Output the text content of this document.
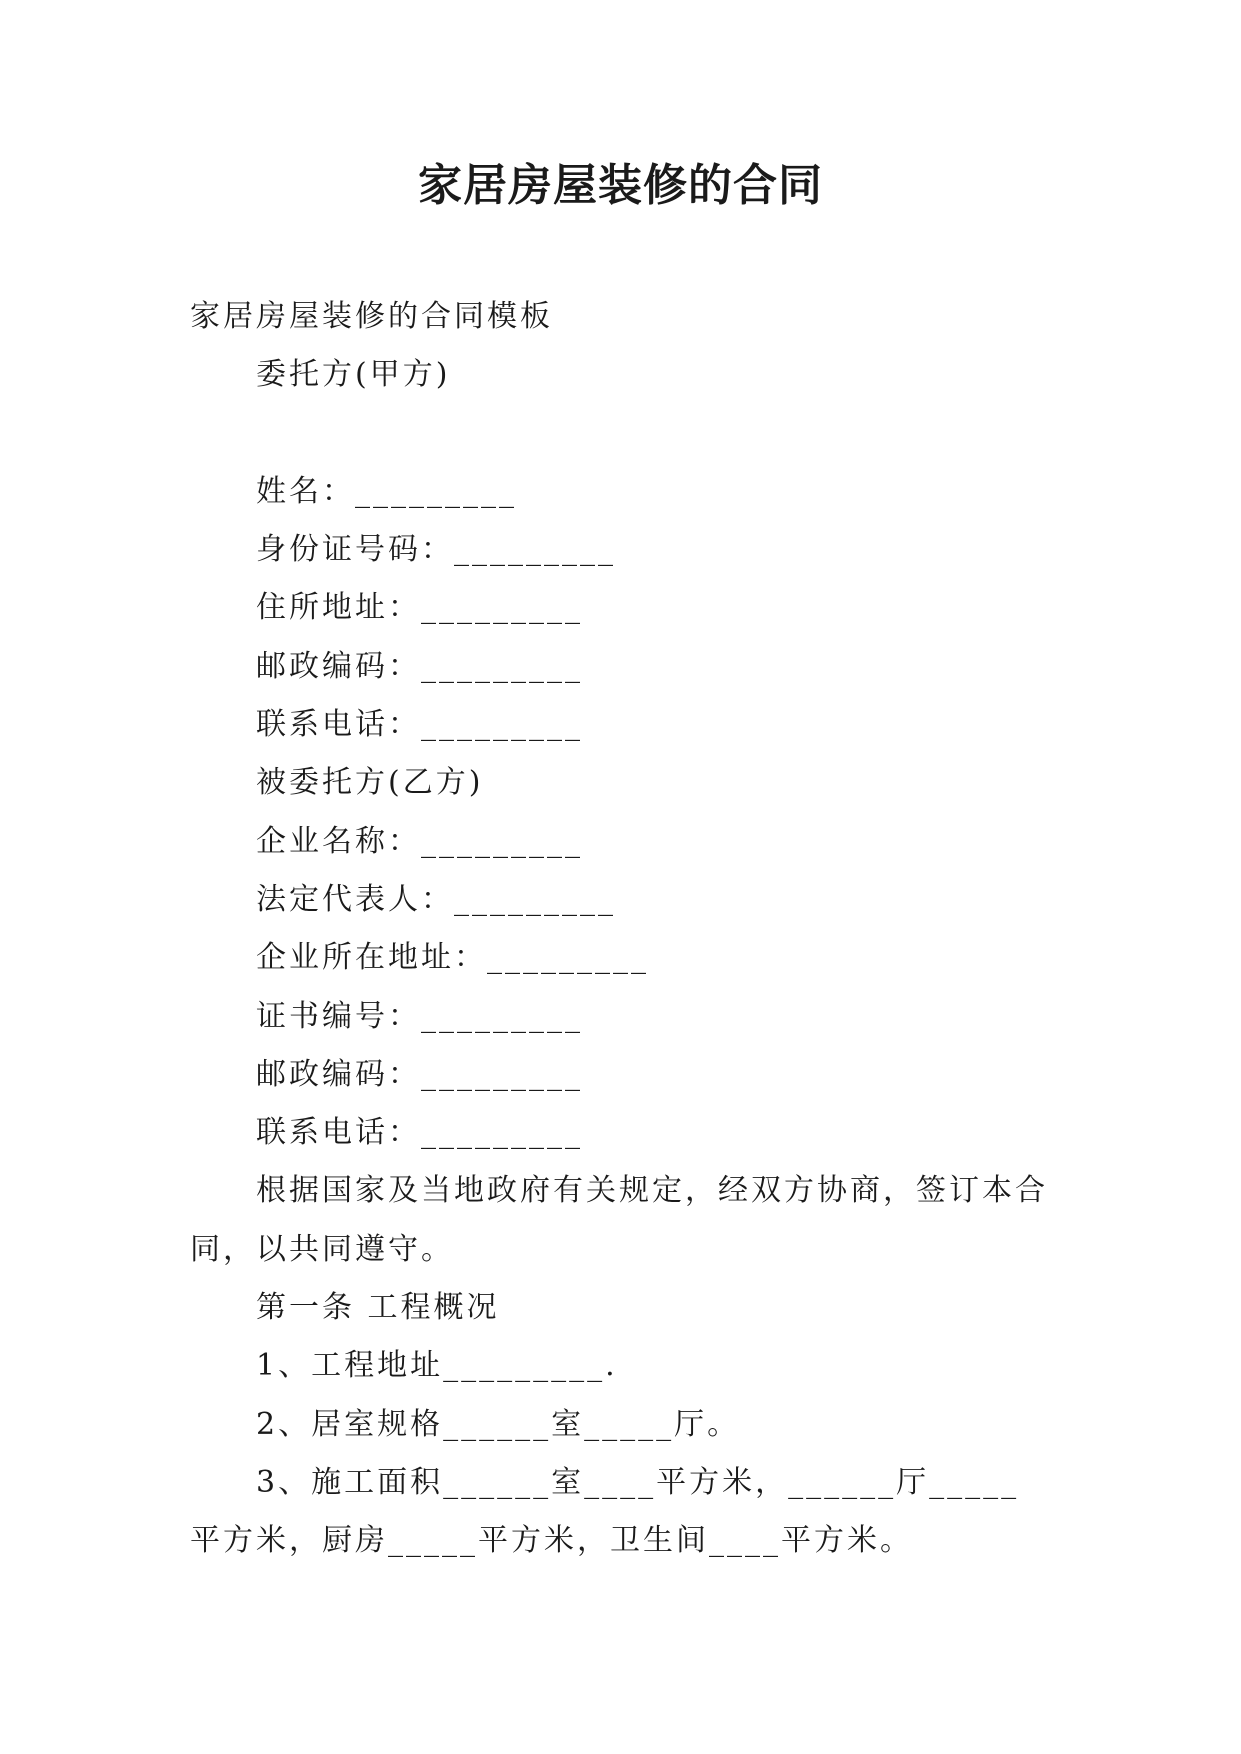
家居房屋装修的合同

家居房屋装修的合同模板

委托方(甲方)

姓名：_________

身份证号码：_________

住所地址：_________

邮政编码：_________

联系电话：_________

被委托方(乙方)

企业名称：_________

法定代表人：_________

企业所在地址：_________

证书编号：_________

邮政编码：_________

联系电话：_________

根据国家及当地政府有关规定，经双方协商，签订本合同，以共同遵守。

第一条 工程概况

1、工程地址_________.

2、居室规格______室_____厅。

3、施工面积______室____平方米，______厅_____平方米，厨房_____平方米，卫生间____平方米。
